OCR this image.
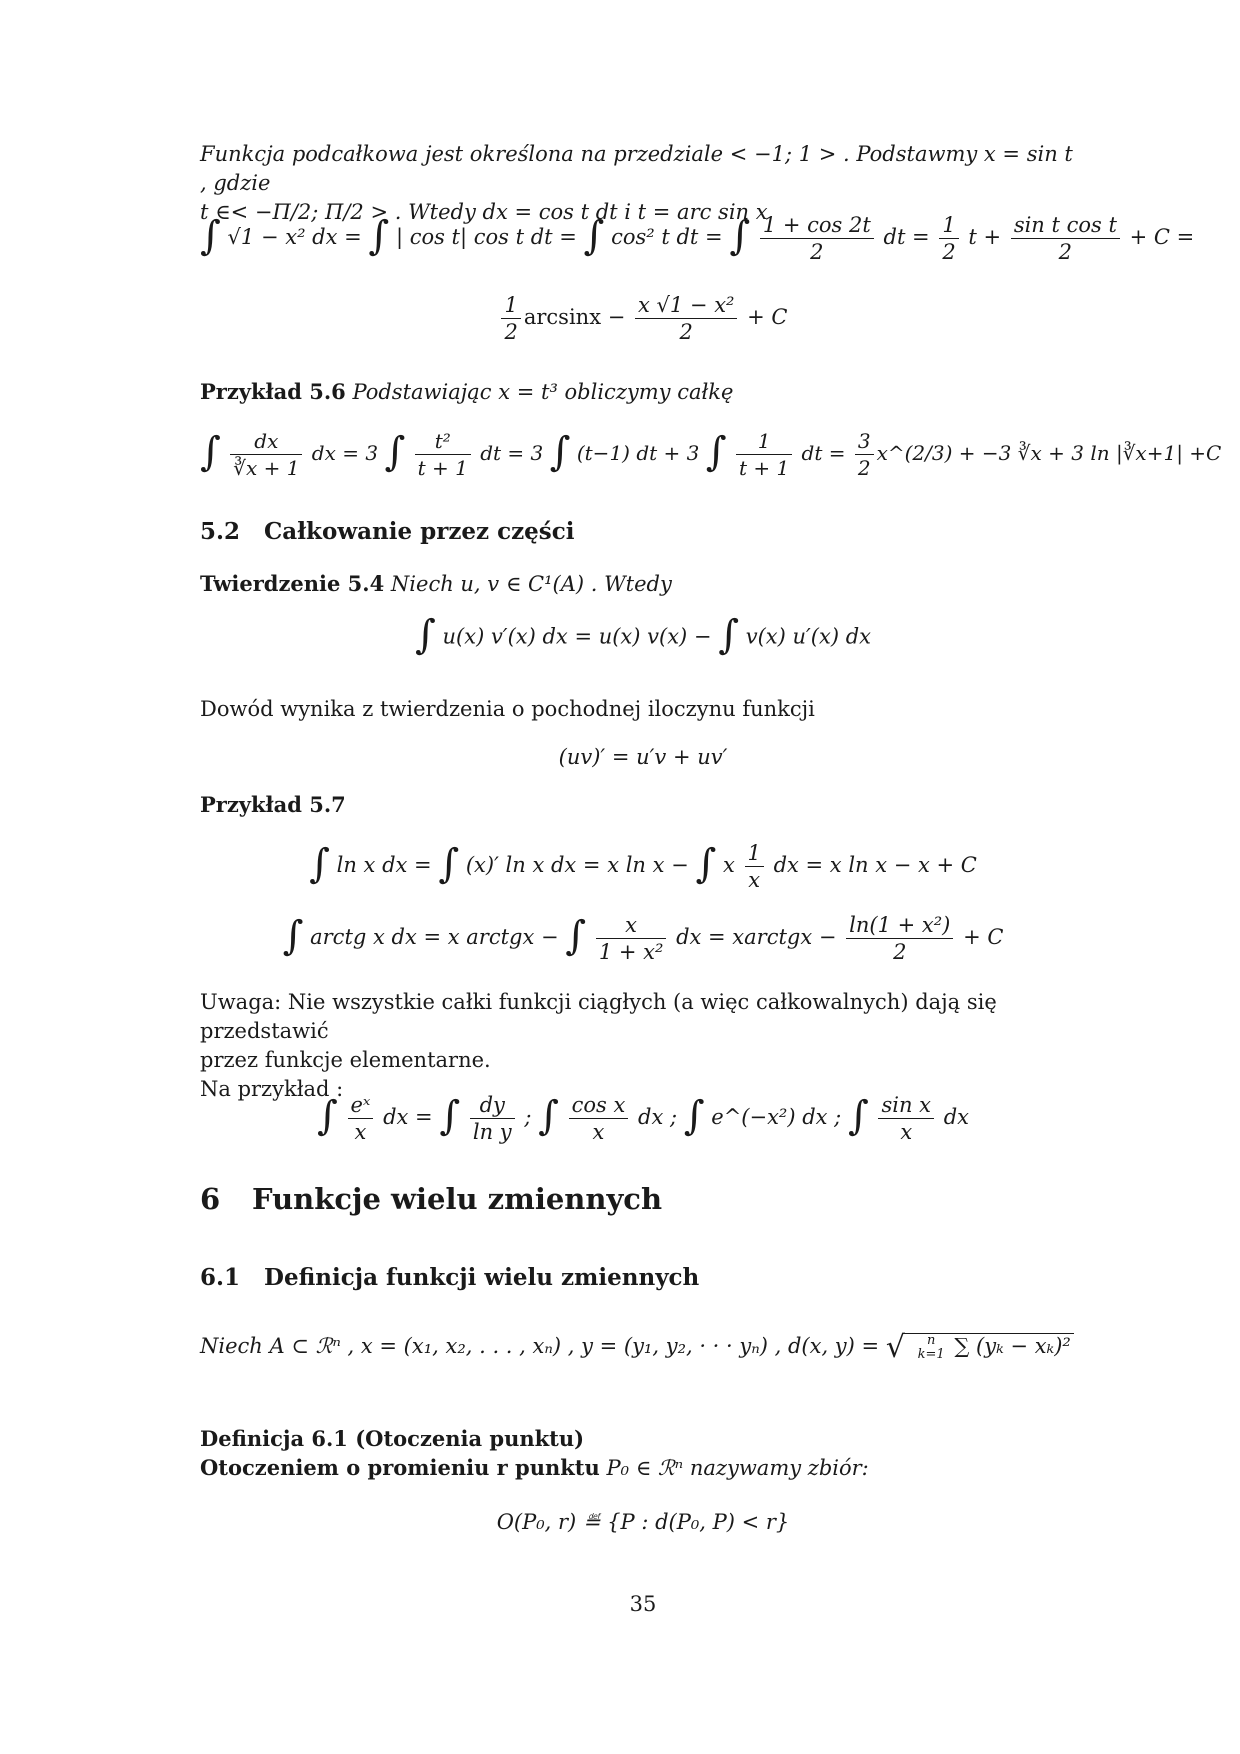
Funkcja podcałkowa jest określona na przedziale < −1; 1 > . Podstawmy x = sin t , gdzie
t ∈< −Π/2; Π/2 > . Wtedy dx = cos t dt i t = arc sin x
∫ √1 − x² dx = ∫ | cos t| cos t dt = ∫ cos² t dt = ∫ $\frac{1 + \cos 2t}{2}$ dt = $\frac{1}{2}$ $t + \frac{\text{sin t cos t}}{2} + C$ =
$\frac{1}{2}$ $\arcsin x - \frac{\text{x √1 − x²}}{2} + C$
Przykład 5.6 Podstawiając x = t³ obliczymy całkę
∫ $\frac{dx}{∛x + 1}$ dx = 3 ∫ $\frac{\text{t²}}{t + 1}$ dt = 3 ∫ (t−1) dt + 3 ∫ $\frac{1}{t + 1}$ dt = $\frac{3}{2}$ x^(2/3) + −3 ∛x + 3 ln |∛x+1| +C
5.2 Całkowanie przez części
Twierdzenie 5.4 Niech u, v ∈ C¹(A) . Wtedy
∫ u(x) v′(x) dx = u(x) v(x) − ∫ v(x) u′(x) dx
Dowód wynika z twierdzenia o pochodnej iloczynu funkcji
(uv)′ = u′v + uv′
Przykład 5.7
∫ ln x dx = ∫ (x)′ ln x dx = x ln x − ∫ x $\frac{1}{x}$ dx = x ln x − x + C
∫ arctg x dx = x arctgx − ∫ $\frac{x}{\text{1 + x²}}$ dx = xarctgx − $\frac{\text{ln(1 + x²)}}{2} + C$
Uwaga: Nie wszystkie całki funkcji ciągłych (a więc całkowalnych) dają się przedstawić
przez funkcje elementarne.
Na przykład :
∫ $\frac{\text{eˣ}}{x}$ dx = ∫ $\frac{dy}{\text{ln y}}$ ; ∫ $\frac{\text{cos x}}{x}$ dx ; ∫ e^(−x²) dx ; ∫ $\frac{\text{sin x}}{x}$ dx
6 Funkcje wielu zmiennych
6.1 Definicja funkcji wielu zmiennych
Niech A ⊂ ℛⁿ , x = (x₁, x₂, . . . , xₙ) , y = (y₁, y₂, · · · yₙ) , d(x, y) = √	n
k=1 ∑ (yₖ − xₖ)²
Definicja 6.1 (Otoczenia punktu)
Otoczeniem o promieniu r punktu P₀ ∈ ℛⁿ nazywamy zbiór:
O(P₀, r) ≝ {P : d(P₀, P) < r}
35
